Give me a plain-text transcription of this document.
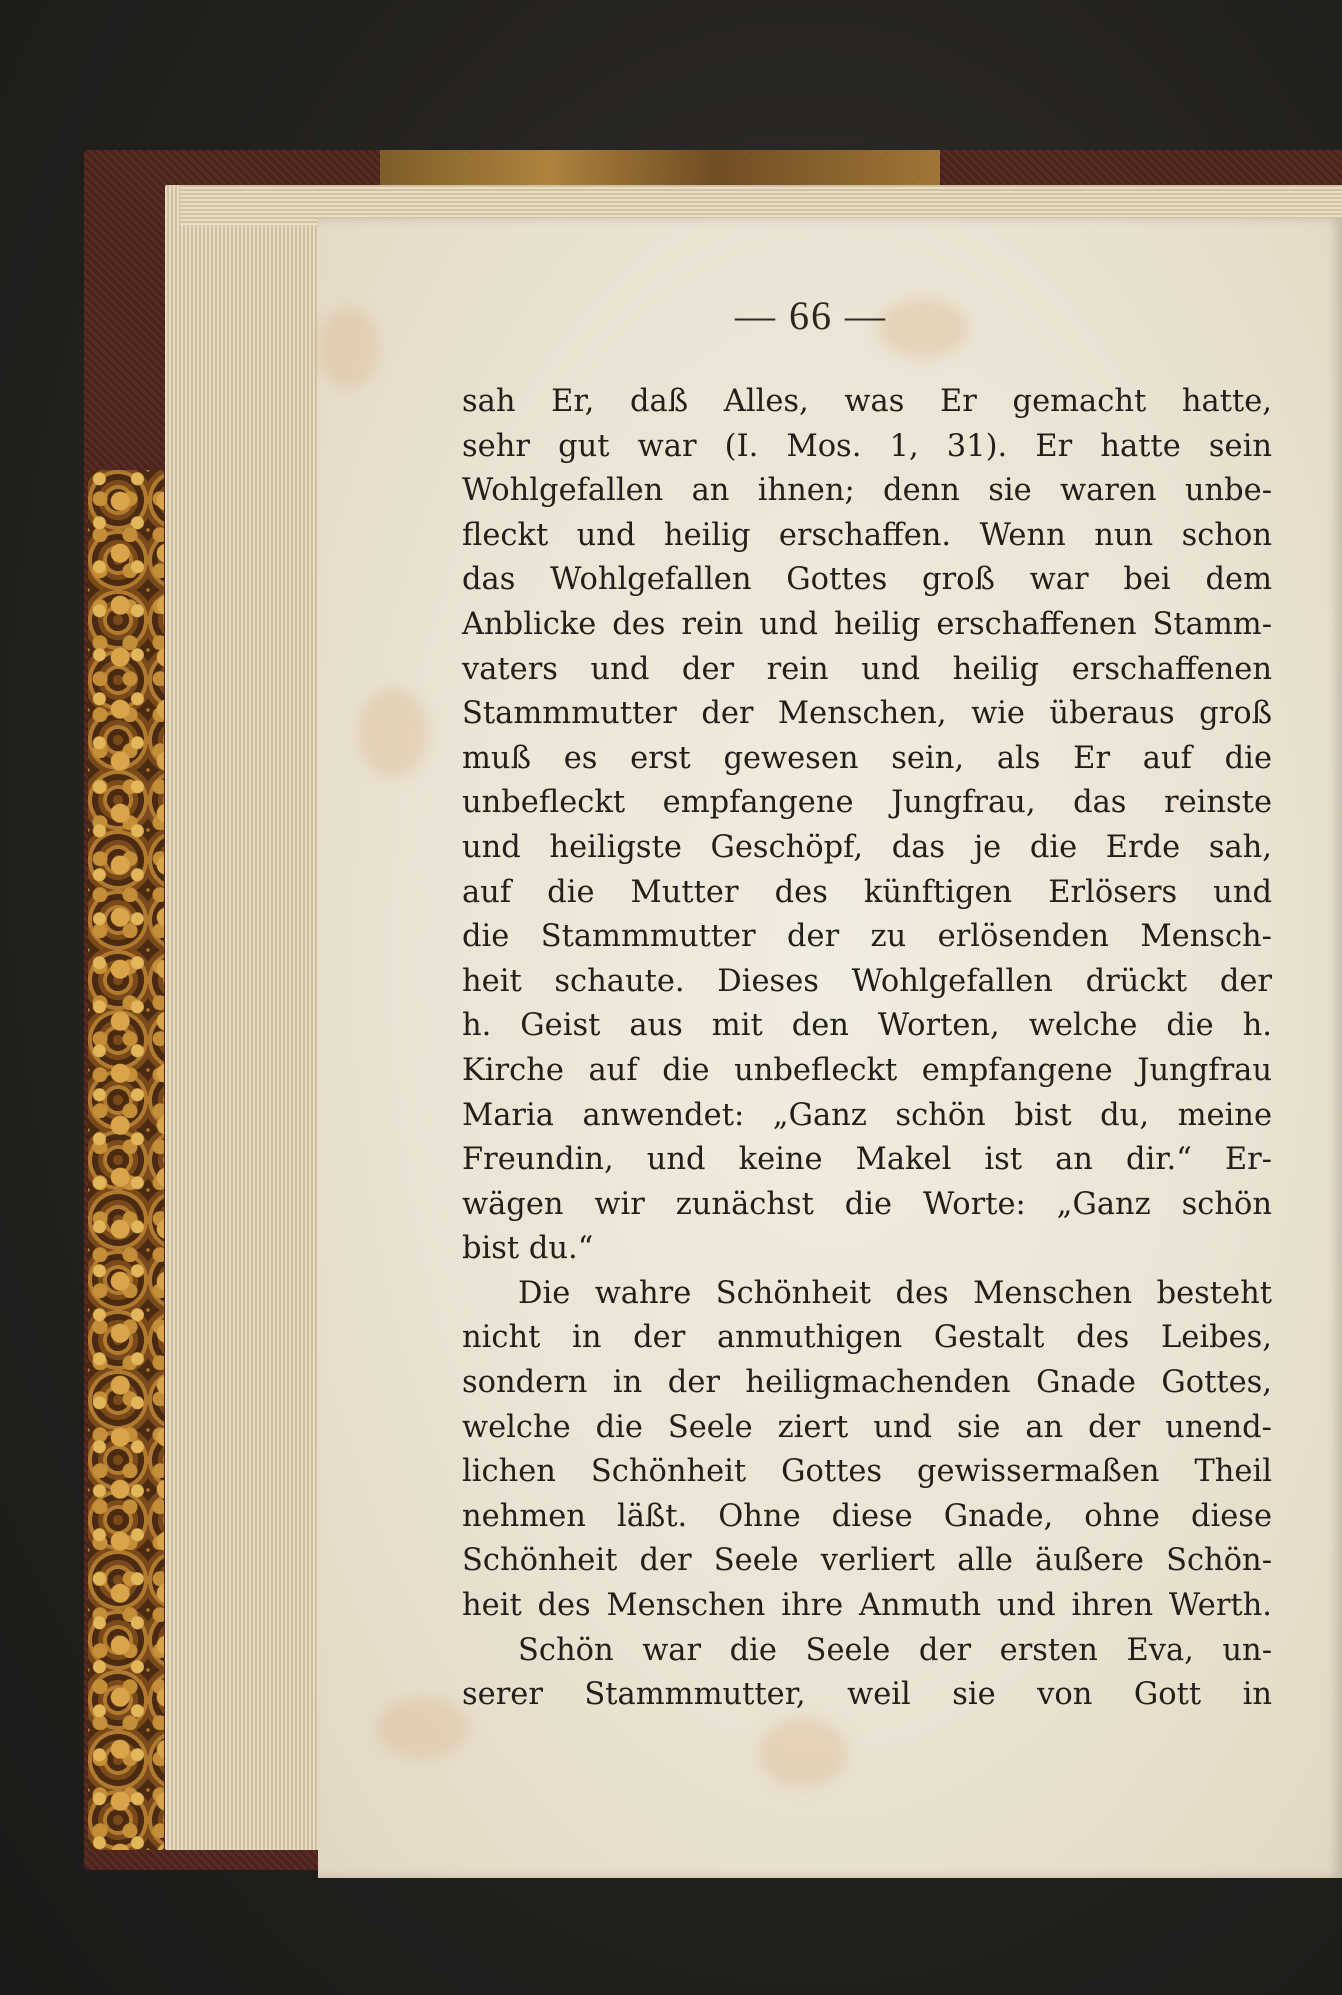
— 66 —
sah Er, daß Alles, was Er gemacht hatte,
sehr gut war (I. Mos. 1, 31). Er hatte sein
Wohlgefallen an ihnen; denn sie waren unbe-
fleckt und heilig erschaffen. Wenn nun schon
das Wohlgefallen Gottes groß war bei dem
Anblicke des rein und heilig erschaffenen Stamm-
vaters und der rein und heilig erschaffenen
Stammmutter der Menschen, wie überaus groß
muß es erst gewesen sein, als Er auf die
unbefleckt empfangene Jungfrau, das reinste
und heiligste Geschöpf, das je die Erde sah,
auf die Mutter des künftigen Erlösers und
die Stammmutter der zu erlösenden Mensch-
heit schaute. Dieses Wohlgefallen drückt der
h. Geist aus mit den Worten, welche die h.
Kirche auf die unbefleckt empfangene Jungfrau
Maria anwendet: „Ganz schön bist du, meine
Freundin, und keine Makel ist an dir.“ Er-
wägen wir zunächst die Worte: „Ganz schön
bist du.“
Die wahre Schönheit des Menschen besteht
nicht in der anmuthigen Gestalt des Leibes,
sondern in der heiligmachenden Gnade Gottes,
welche die Seele ziert und sie an der unend-
lichen Schönheit Gottes gewissermaßen Theil
nehmen läßt. Ohne diese Gnade, ohne diese
Schönheit der Seele verliert alle äußere Schön-
heit des Menschen ihre Anmuth und ihren Werth.
Schön war die Seele der ersten Eva, un-
serer Stammmutter, weil sie von Gott in
